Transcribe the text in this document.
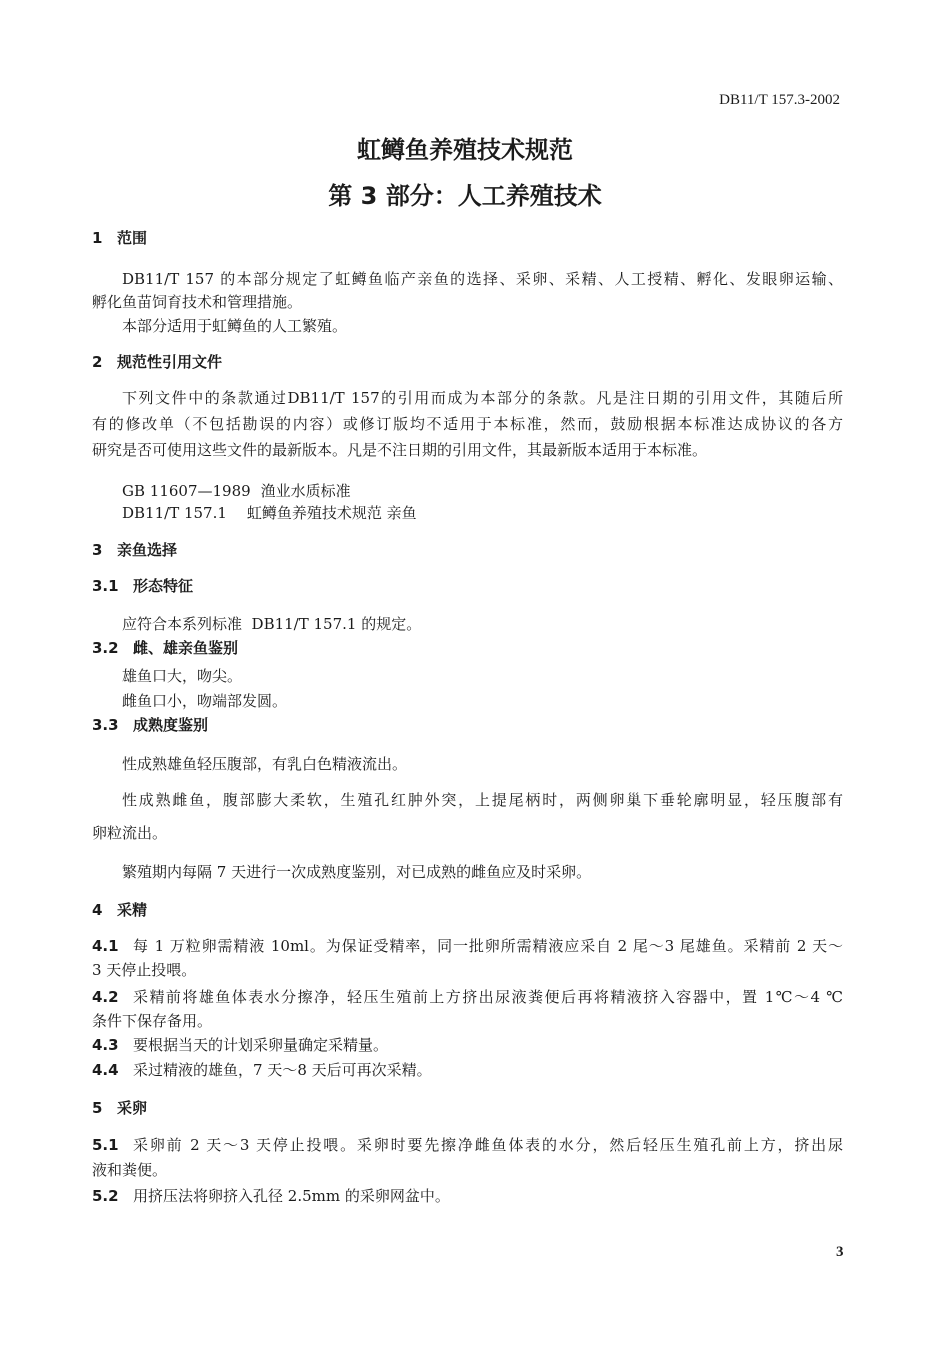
DB11/T 157.3-2002
虹鳟鱼养殖技术规范
第 3 部分：人工养殖技术
1 范围
DB11/T 157 的本部分规定了虹鳟鱼临产亲鱼的选择、采卵、采精、人工授精、孵化、发眼卵运输、
孵化鱼苗饲育技术和管理措施。
本部分适用于虹鳟鱼的人工繁殖。
2 规范性引用文件
下列文件中的条款通过DB11/T 157的引用而成为本部分的条款。凡是注日期的引用文件，其随后所
有的修改单（不包括勘误的内容）或修订版均不适用于本标准，然而，鼓励根据本标准达成协议的各方
研究是否可使用这些文件的最新版本。凡是不注日期的引用文件，其最新版本适用于本标准。
GB 11607—1989 渔业水质标准
DB11/T 157.1 虹鳟鱼养殖技术规范 亲鱼
3 亲鱼选择
3.1 形态特征
应符合本系列标准  DB11/T 157.1 的规定。
3.2 雌、雄亲鱼鉴别
雄鱼口大，吻尖。
雌鱼口小，吻端部发圆。
3.3 成熟度鉴别
性成熟雄鱼轻压腹部，有乳白色精液流出。
性成熟雌鱼，腹部膨大柔软，生殖孔红肿外突，上提尾柄时，两侧卵巢下垂轮廓明显，轻压腹部有
卵粒流出。
繁殖期内每隔 7 天进行一次成熟度鉴别，对已成熟的雌鱼应及时采卵。
4 采精
4.1 每 1 万粒卵需精液 10ml。为保证受精率，同一批卵所需精液应采自 2 尾～3 尾雄鱼。采精前 2 天～
3 天停止投喂。
4.2 采精前将雄鱼体表水分擦净，轻压生殖前上方挤出尿液粪便后再将精液挤入容器中，置 1℃～4 ℃
条件下保存备用。
4.3 要根据当天的计划采卵量确定采精量。
4.4 采过精液的雄鱼，7 天～8 天后可再次采精。
5 采卵
5.1 采卵前 2 天～3 天停止投喂。采卵时要先擦净雌鱼体表的水分，然后轻压生殖孔前上方，挤出尿
液和粪便。
5.2 用挤压法将卵挤入孔径 2.5mm 的采卵网盆中。
3
